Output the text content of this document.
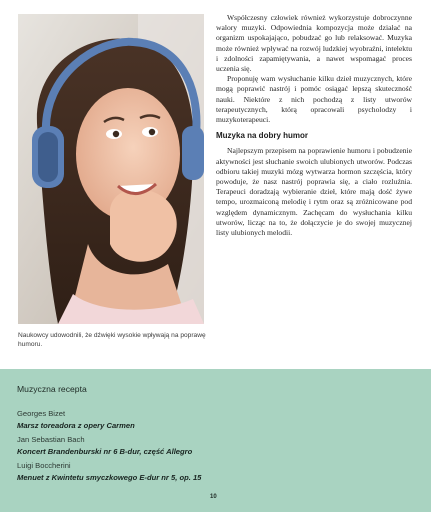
Naukowcy udowodnili, że dźwięki wysokie wpływają na poprawę humoru.

Współczesny człowiek również wykorzystuje dobroczynne walory muzyki. Odpowiednia kompozycja może działać na organizm uspokajająco, pobudzać go lub relaksować. Muzyka może również wpływać na rozwój ludzkiej wyobraźni, intelektu i zdolności zapamiętywania, a nawet wspomagać proces uczenia się.

Proponuję wam wysłuchanie kilku dzieł muzycznych, które mogą poprawić nastrój i pomóc osiągać lepszą skuteczność nauki. Niektóre z nich pochodzą z listy utworów terapeutycznych, którą opracowali psycholodzy i muzykoterapeuci.

Muzyka na dobry humor

Najlepszym przepisem na poprawienie humoru i pobudzenie aktywności jest słuchanie swoich ulubionych utworów. Podczas odbioru takiej muzyki mózg wytwarza hormon szczęścia, który powoduje, że nasz nastrój poprawia się, a ciało rozluźnia. Terapeuci doradzają wybieranie dzieł, które mają dość żywe tempo, urozmaiconą melodię i rytm oraz są zróżnicowane pod względem dynamicznym. Zachęcam do wysłuchania kilku utworów, licząc na to, że dołączycie je do swojej muzycznej listy ulubionych melodii.

Muzyczna recepta
Georges Bizet
Marsz toreadora z opery Carmen
Jan Sebastian Bach
Koncert Brandenburski nr 6 B-dur, część Allegro
Luigi Boccherini
Menuet z Kwintetu smyczkowego E-dur nr 5, op. 15
10
